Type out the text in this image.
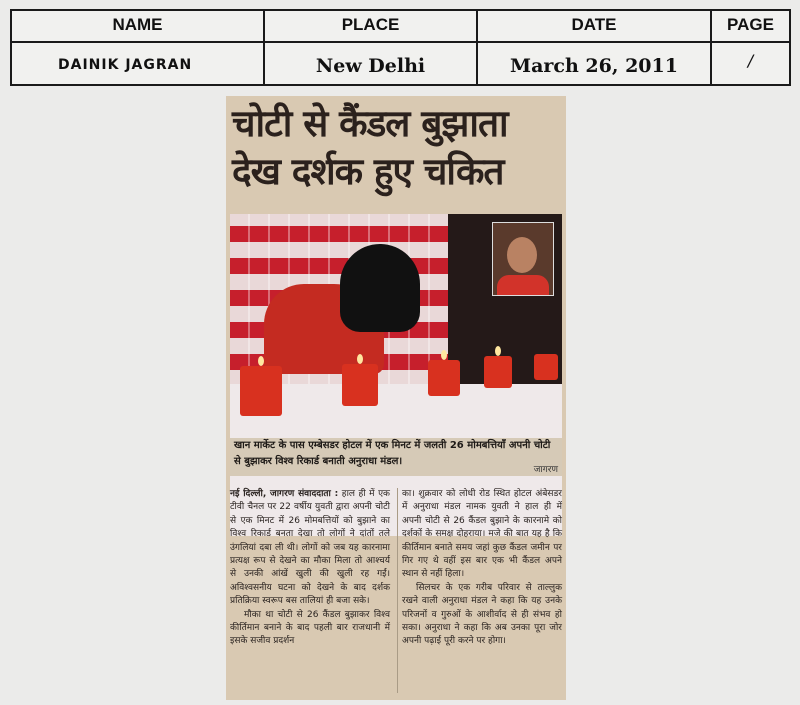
NAME
DAINIK JAGRAN
PLACE
New Delhi
DATE
March 26, 2011
PAGE
/
चोटी से कैंडल बुझाता
देख दर्शक हुए चकित
खान मार्केट के पास एम्बेसडर होटल में एक मिनट में जलती 26 मोमबत्तियाँ अपनी चोटी से बुझाकर विश्व रिकार्ड बनाती अनुराधा मंडल।
जागरण
नई दिल्ली, जागरण संवाददाता : हाल ही में एक टीवी चैनल पर 22 वर्षीय युवती द्वारा अपनी चोटी से एक मिनट में 26 मोमबत्तियों को बुझाने का विश्व रिकार्ड बनता देखा तो लोगों ने दांतों तले उंगलियां दबा ली थी। लोगों को जब यह कारनामा प्रत्यक्ष रूप से देखने का मौका मिला तो आश्चर्य से उनकी आंखें खुली की खुली रह गईं। अविश्वसनीय घटना को देखने के बाद दर्शक प्रतिक्रिया स्वरूप बस तालियां ही बजा सके।
मौका था चोटी से 26 कैंडल बुझाकर विश्व कीर्तिमान बनाने के बाद पहली बार राजधानी में इसके सजीव प्रदर्शन
का। शुक्रवार को लोधी रोड स्थित होटल अंबेसडर में अनुराधा मंडल नामक युवती ने हाल ही में अपनी चोटी से 26 कैंडल बुझाने के कारनामे को दर्शकों के समक्ष दोहराया। मजे की बात यह है कि कीर्तिमान बनाते समय जहां कुछ कैंडल जमीन पर गिर गए थे वहीं इस बार एक भी कैंडल अपने स्थान से नहीं हिला।
सिलचर के एक गरीब परिवार से ताल्लुक रखने वाली अनुराधा मंडल ने कहा कि यह उनके परिजनों व गुरुओं के आशीर्वाद से ही संभव हो सका। अनुराधा ने कहा कि अब उनका पूरा जोर अपनी पढ़ाई पूरी करने पर होगा।
